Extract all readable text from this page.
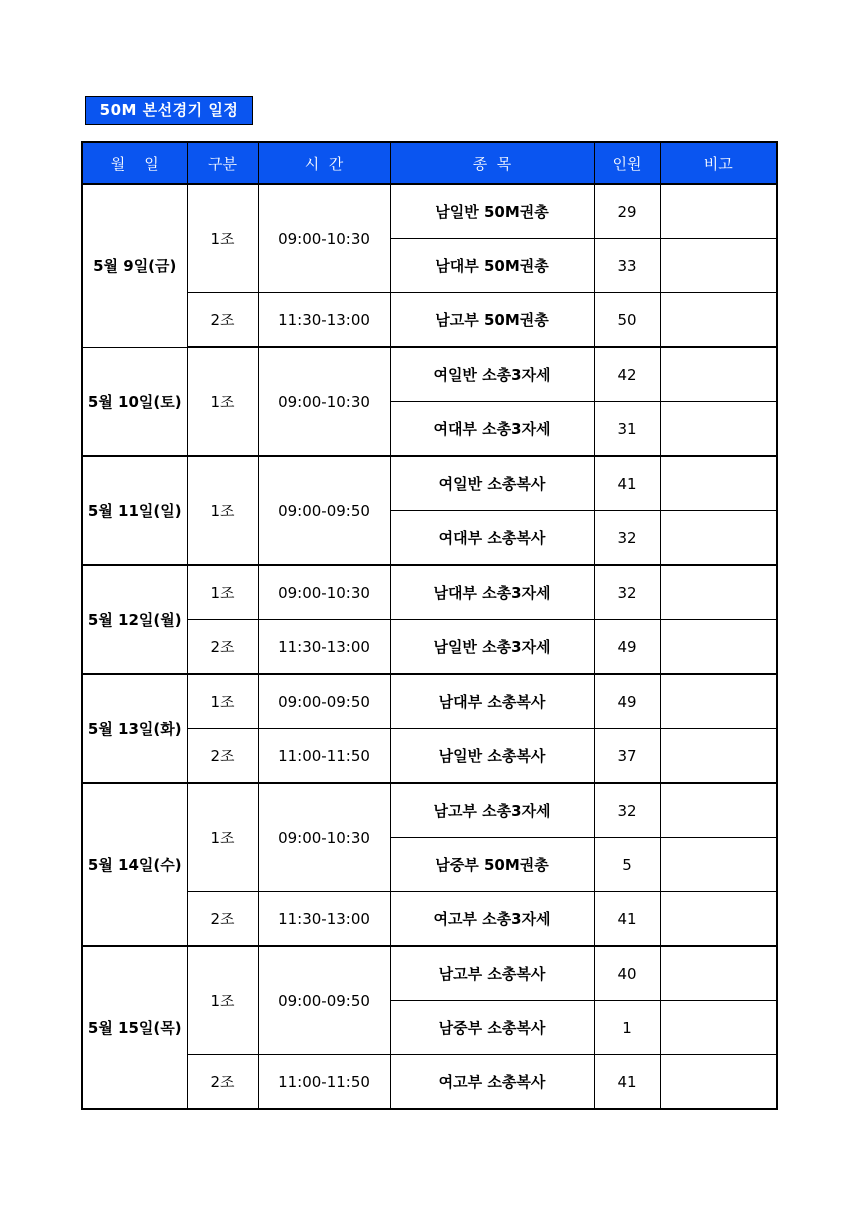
50M 본선경기 일정
월    일	구분	시  간	종  목	인원	비고
5월 9일(금)	1조	09:00-10:30	남일반 50M권총	29	
			남대부 50M권총	33	
	2조	11:30-13:00	남고부 50M권총	50	
5월 10일(토)	1조	09:00-10:30	여일반 소총3자세	42	
			여대부 소총3자세	31	
5월 11일(일)	1조	09:00-09:50	여일반 소총복사	41	
			여대부 소총복사	32	
5월 12일(월)	1조	09:00-10:30	남대부 소총3자세	32	
	2조	11:30-13:00	남일반 소총3자세	49	
5월 13일(화)	1조	09:00-09:50	남대부 소총복사	49	
	2조	11:00-11:50	남일반 소총복사	37	
5월 14일(수)	1조	09:00-10:30	남고부 소총3자세	32	
			남중부 50M권총	5	
	2조	11:30-13:00	여고부 소총3자세	41	
5월 15일(목)	1조	09:00-09:50	남고부 소총복사	40	
			남중부 소총복사	1	
	2조	11:00-11:50	여고부 소총복사	41	
